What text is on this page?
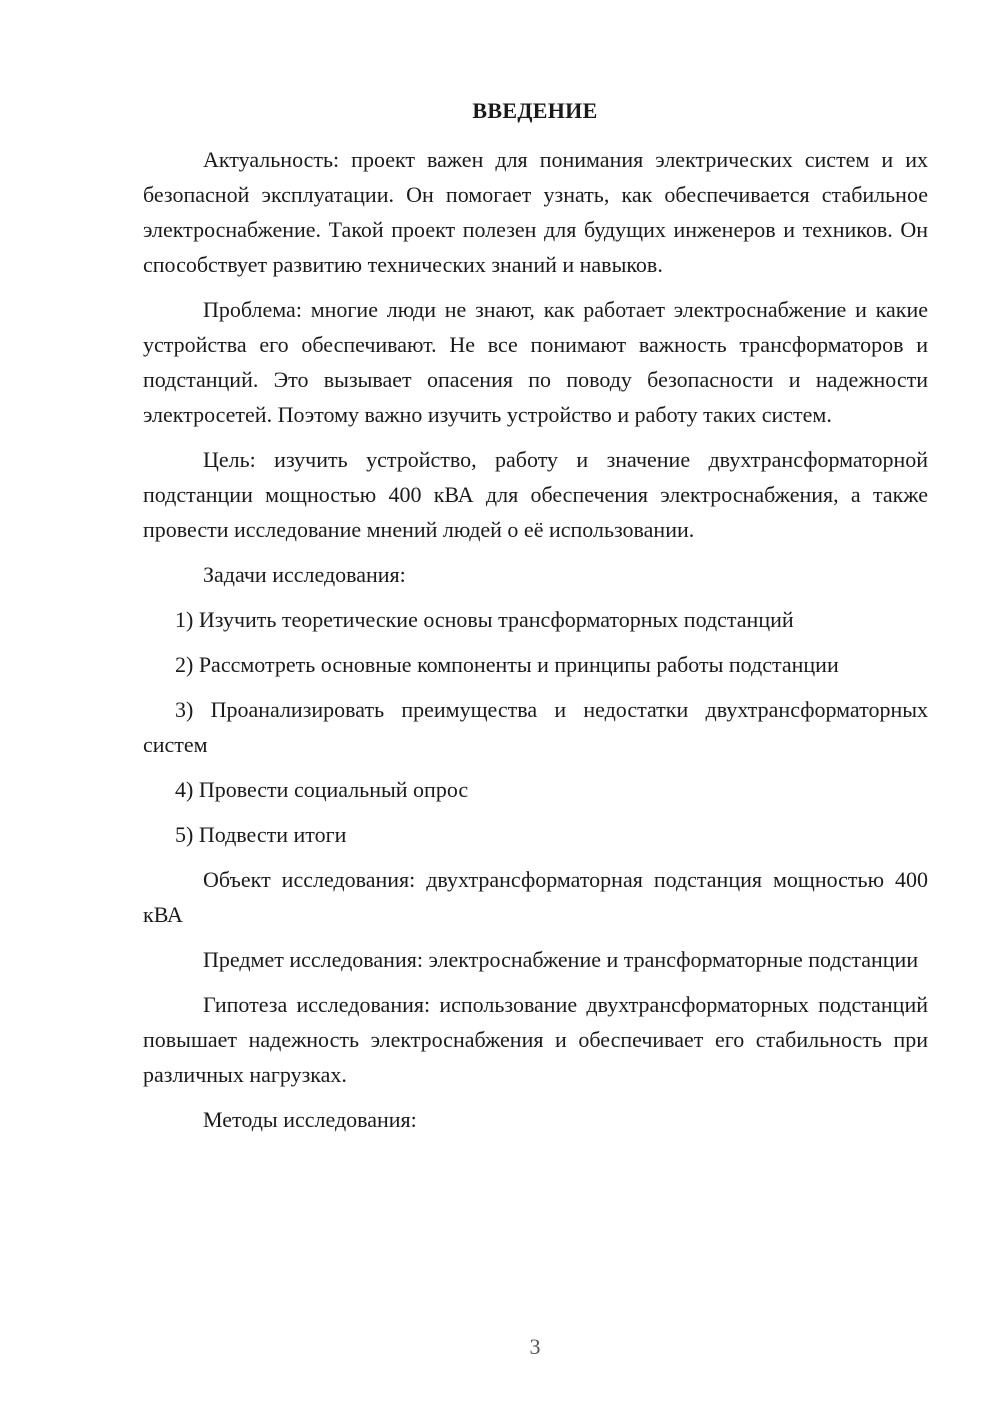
ВВЕДЕНИЕ

Актуальность: проект важен для понимания электрических систем и их безопасной эксплуатации. Он помогает узнать, как обеспечивается стабильное электроснабжение. Такой проект полезен для будущих инженеров и техников. Он способствует развитию технических знаний и навыков.

Проблема: многие люди не знают, как работает электроснабжение и какие устройства его обеспечивают. Не все понимают важность трансформаторов и подстанций. Это вызывает опасения по поводу безопасности и надежности электросетей. Поэтому важно изучить устройство и работу таких систем.

Цель: изучить устройство, работу и значение двухтрансформаторной подстанции мощностью 400 кВА для обеспечения электроснабжения, а также провести исследование мнений людей о её использовании.

Задачи исследования:

1) Изучить теоретические основы трансформаторных подстанций

2) Рассмотреть основные компоненты и принципы работы подстанции

3) Проанализировать преимущества и недостатки двухтрансформаторных систем

4) Провести социальный опрос

5) Подвести итоги

Объект исследования: двухтрансформаторная подстанция мощностью 400 кВА

Предмет исследования: электроснабжение и трансформаторные подстанции

Гипотеза исследования: использование двухтрансформаторных подстанций повышает надежность электроснабжения и обеспечивает его стабильность при различных нагрузках.

Методы исследования:

3
